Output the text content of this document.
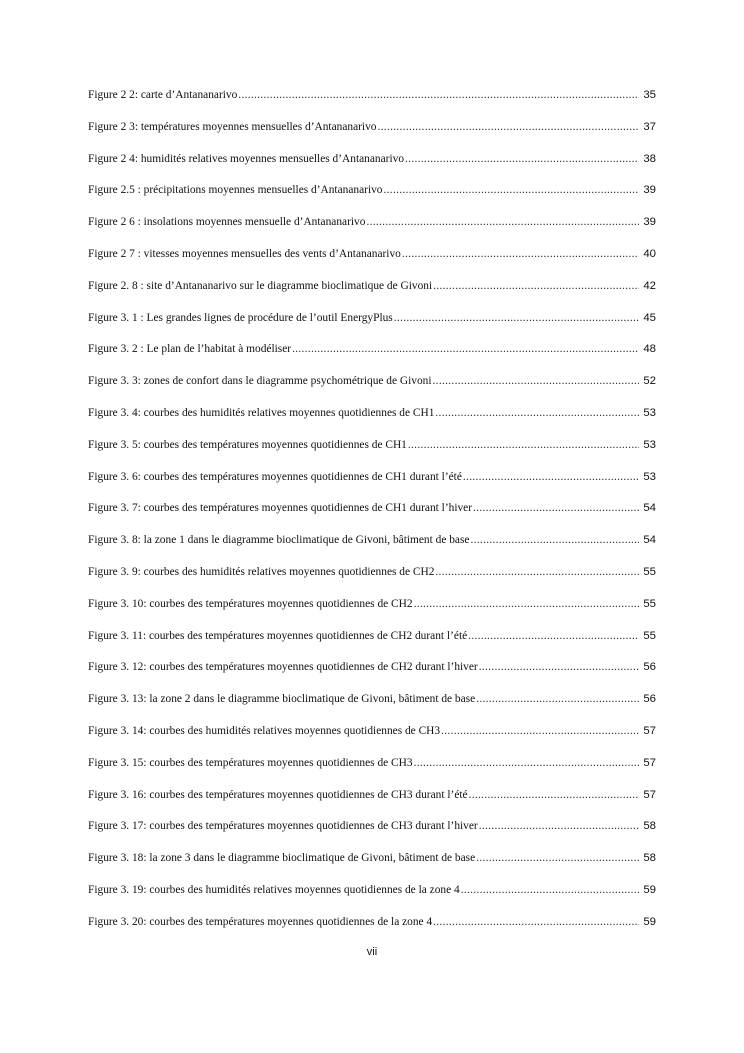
Figure 2 2: carte d’Antananarivo .....	35
Figure 2 3: températures moyennes mensuelles d’Antananarivo .....	37
Figure 2 4: humidités relatives moyennes mensuelles d’Antananarivo .....	38
Figure 2.5 : précipitations moyennes mensuelles d’Antananarivo .....	39
Figure 2 6 : insolations moyennes mensuelle d’Antananarivo .....	39
Figure 2 7 : vitesses moyennes mensuelles des vents d’Antananarivo .....	40
Figure 2. 8 : site d’Antananarivo sur le diagramme bioclimatique de Givoni .....	42
Figure 3. 1 : Les grandes lignes de procédure de l’outil EnergyPlus .....	45
Figure 3. 2 : Le plan de l’habitat à modéliser .....	48
Figure 3. 3: zones de confort dans le diagramme psychométrique de Givoni .....	52
Figure 3. 4: courbes des humidités relatives moyennes quotidiennes de CH1 .....	53
Figure 3. 5: courbes des températures moyennes quotidiennes de CH1 .....	53
Figure 3. 6: courbes des températures moyennes quotidiennes de CH1 durant l’été .....	53
Figure 3. 7: courbes des températures moyennes quotidiennes de CH1 durant l’hiver .....	54
Figure 3. 8: la zone 1 dans le diagramme bioclimatique de Givoni, bâtiment de base .....	54
Figure 3. 9: courbes des humidités relatives moyennes quotidiennes de CH2 .....	55
Figure 3. 10: courbes des températures moyennes quotidiennes de CH2 .....	55
Figure 3. 11: courbes des températures moyennes quotidiennes de CH2 durant l’été .....	55
Figure 3. 12: courbes des températures moyennes quotidiennes de CH2 durant l’hiver .....	56
Figure 3. 13: la zone 2 dans le diagramme bioclimatique de Givoni, bâtiment de base .....	56
Figure 3. 14: courbes des humidités relatives moyennes quotidiennes de CH3 .....	57
Figure 3. 15: courbes des températures moyennes quotidiennes de CH3 .....	57
Figure 3. 16: courbes des températures moyennes quotidiennes de CH3 durant l’été .....	57
Figure 3. 17: courbes des températures moyennes quotidiennes de CH3 durant l’hiver .....	58
Figure 3. 18: la zone 3 dans le diagramme bioclimatique de Givoni, bâtiment de base .....	58
Figure 3. 19: courbes des humidités relatives moyennes quotidiennes de la zone 4 .....	59
Figure 3. 20: courbes des températures moyennes quotidiennes de la zone 4 .....	59
vii
